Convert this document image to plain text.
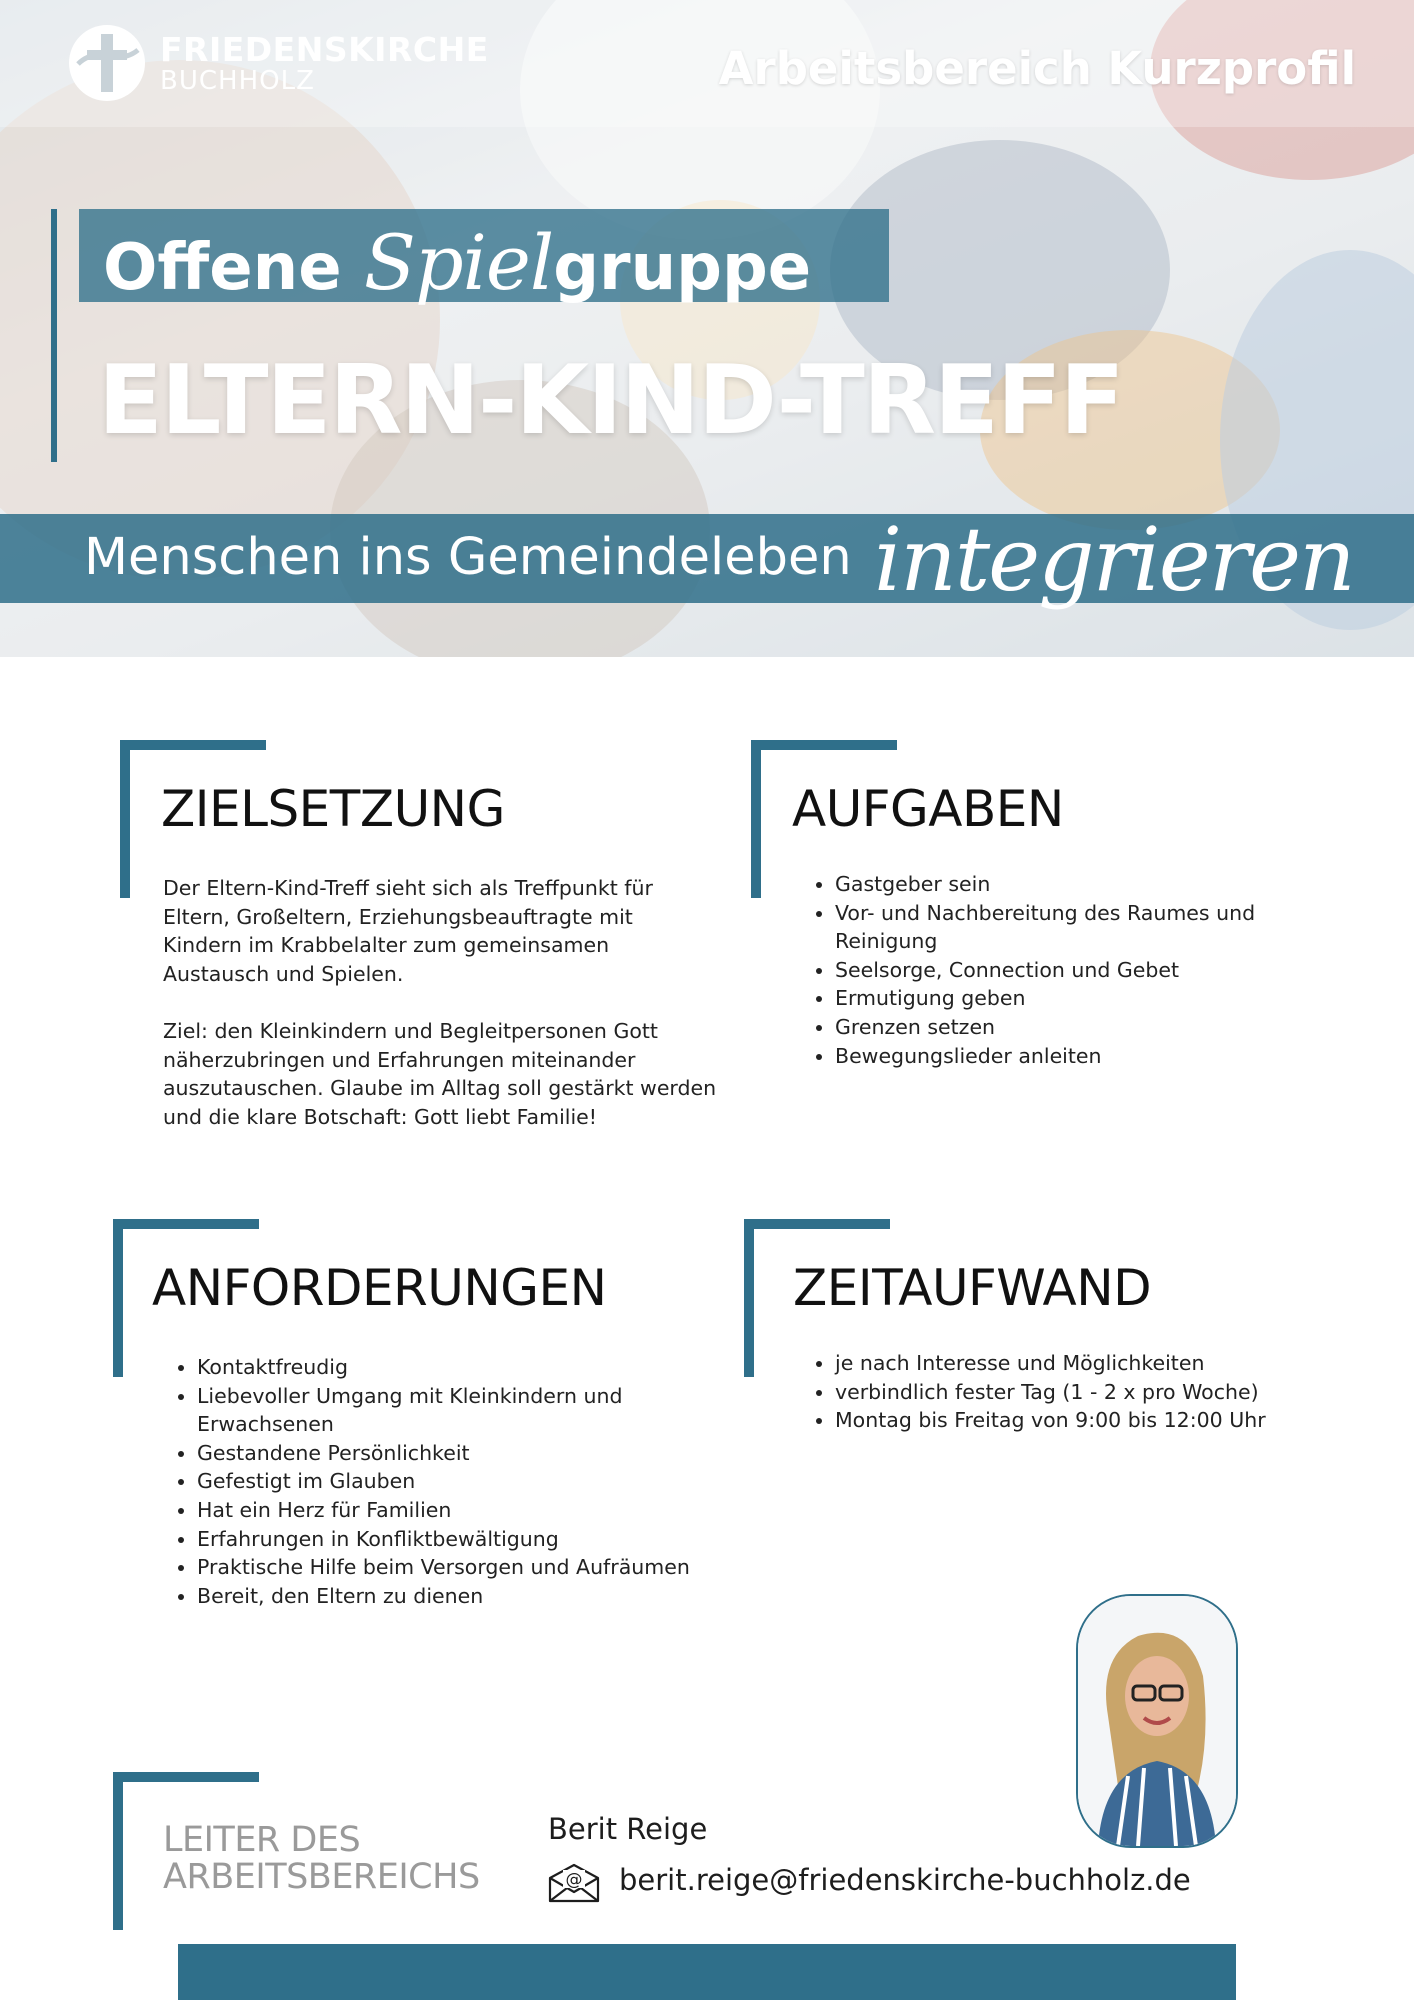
FRIEDENSKIRCHE
BUCHHOLZ	Arbeitsbereich Kurzprofil
Offene Spielgruppe
ELTERN-KIND-TREFF
Menschen ins Gemeindeleben integrieren
ZIELSETZUNG

Der Eltern-Kind-Treff sieht sich als Treffpunkt für Eltern, Großeltern, Erziehungsbeauftragte mit Kindern im Krabbelalter zum gemeinsamen Austausch und Spielen.

Ziel: den Kleinkindern und Begleitpersonen Gott näherzubringen und Erfahrungen miteinander auszutauschen. Glaube im Alltag soll gestärkt werden und die klare Botschaft: Gott liebt Familie!

AUFGABEN
• Gastgeber sein
• Vor- und Nachbereitung des Raumes und Reinigung
• Seelsorge, Connection und Gebet
• Ermutigung geben
• Grenzen setzen
• Bewegungslieder anleiten
ANFORDERUNGEN
• Kontaktfreudig
• Liebevoller Umgang mit Kleinkindern und Erwachsenen
• Gestandene Persönlichkeit
• Gefestigt im Glauben
• Hat ein Herz für Familien
• Erfahrungen in Konfliktbewältigung
• Praktische Hilfe beim Versorgen und Aufräumen
• Bereit, den Eltern zu dienen
ZEITAUFWAND
• je nach Interesse und Möglichkeiten
• verbindlich fester Tag (1 - 2 x pro Woche)
• Montag bis Freitag von 9:00 bis 12:00 Uhr
LEITER DES
ARBEITSBEREICHS
Berit Reige
@ berit.reige@friedenskirche-buchholz.de
